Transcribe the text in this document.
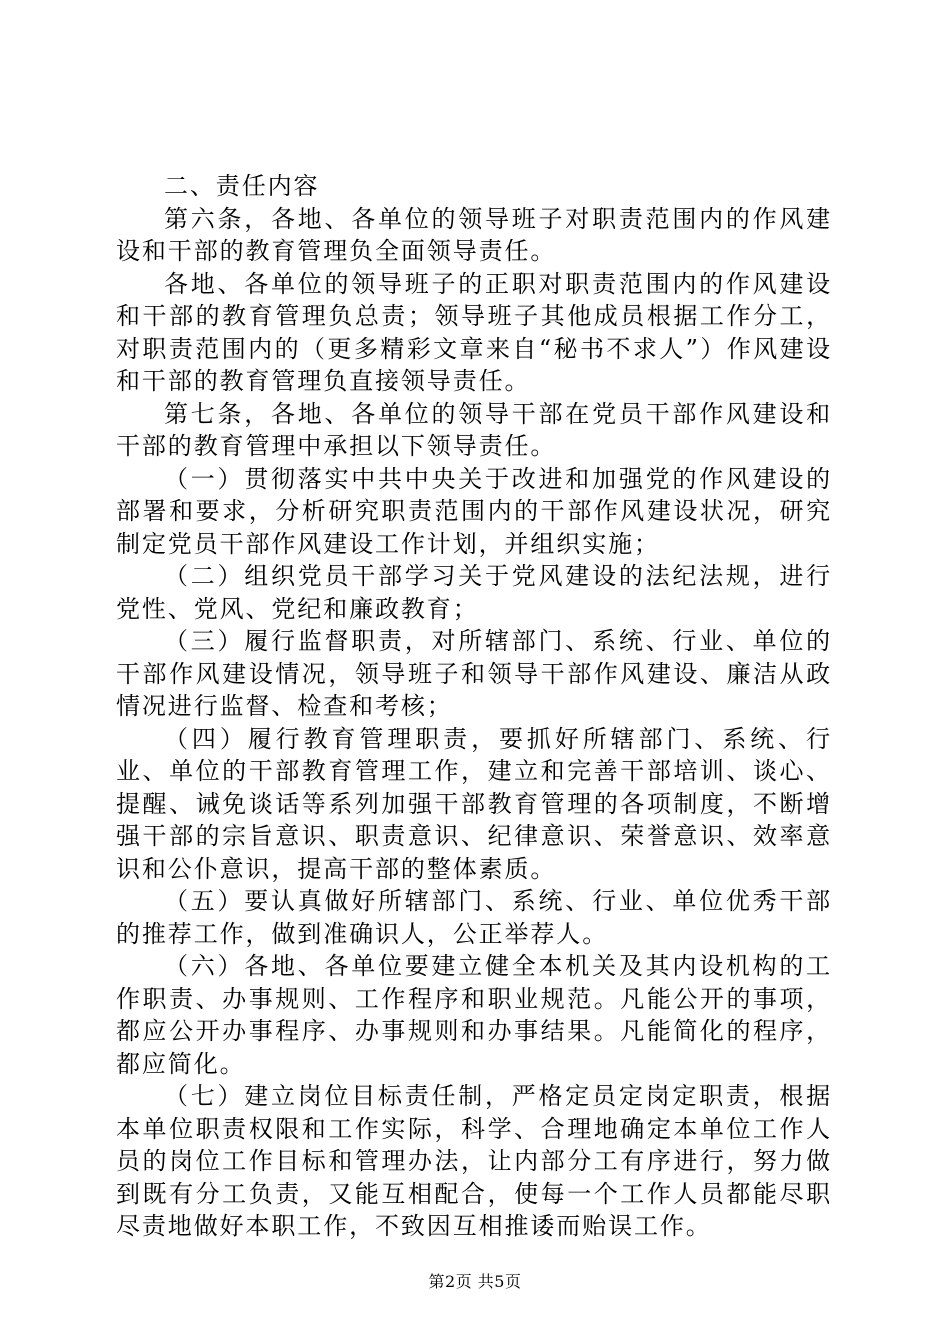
二、责任内容

第六条，各地、各单位的领导班子对职责范围内的作风建设和干部的教育管理负全面领导责任。

各地、各单位的领导班子的正职对职责范围内的作风建设和干部的教育管理负总责；领导班子其他成员根据工作分工，对职责范围内的（更多精彩文章来自“秘书不求人”）作风建设和干部的教育管理负直接领导责任。

第七条，各地、各单位的领导干部在党员干部作风建设和干部的教育管理中承担以下领导责任。

（一）贯彻落实中共中央关于改进和加强党的作风建设的部署和要求，分析研究职责范围内的干部作风建设状况，研究制定党员干部作风建设工作计划，并组织实施；

（二）组织党员干部学习关于党风建设的法纪法规，进行党性、党风、党纪和廉政教育；

（三）履行监督职责，对所辖部门、系统、行业、单位的干部作风建设情况，领导班子和领导干部作风建设、廉洁从政情况进行监督、检查和考核；

（四）履行教育管理职责，要抓好所辖部门、系统、行业、单位的干部教育管理工作，建立和完善干部培训、谈心、提醒、诫免谈话等系列加强干部教育管理的各项制度，不断增强干部的宗旨意识、职责意识、纪律意识、荣誉意识、效率意识和公仆意识，提高干部的整体素质。

（五）要认真做好所辖部门、系统、行业、单位优秀干部的推荐工作，做到准确识人，公正举荐人。

（六）各地、各单位要建立健全本机关及其内设机构的工作职责、办事规则、工作程序和职业规范。凡能公开的事项，都应公开办事程序、办事规则和办事结果。凡能简化的程序，都应简化。

（七）建立岗位目标责任制，严格定员定岗定职责，根据本单位职责权限和工作实际，科学、合理地确定本单位工作人员的岗位工作目标和管理办法，让内部分工有序进行，努力做到既有分工负责，又能互相配合，使每一个工作人员都能尽职尽责地做好本职工作，不致因互相推诿而贻误工作。

第2页 共5页
